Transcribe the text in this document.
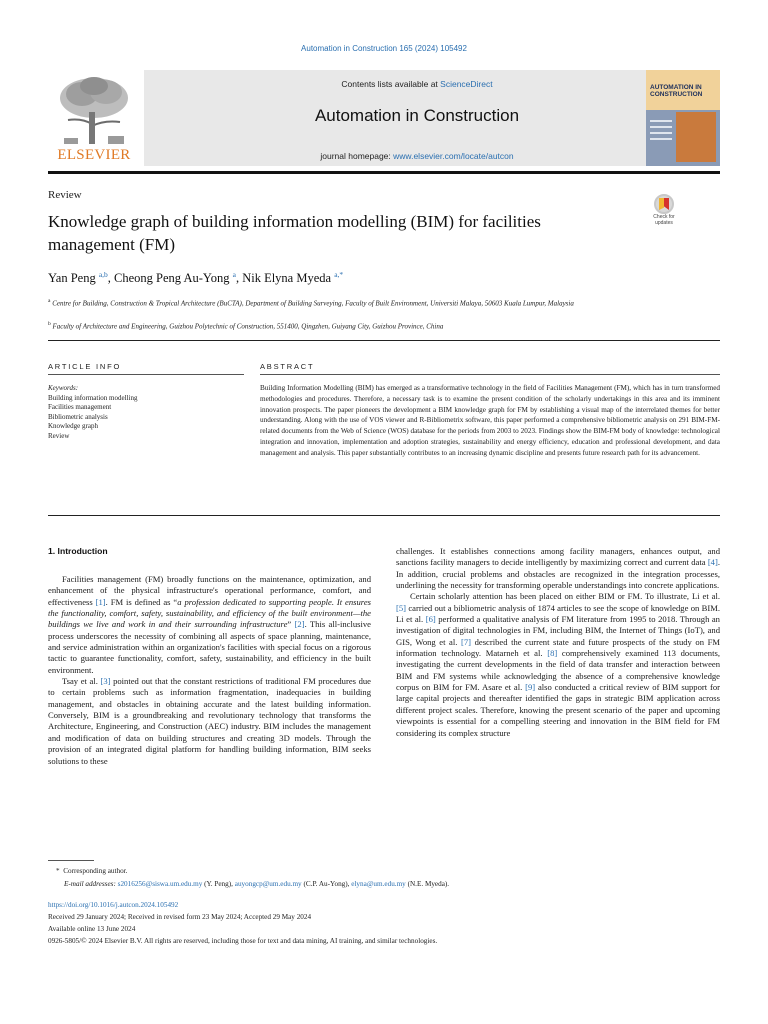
Automation in Construction 165 (2024) 105492
ELSEVIER
Contents lists available at ScienceDirect
Automation in Construction
journal homepage: www.elsevier.com/locate/autcon
AUTOMATION IN CONSTRUCTION
Review
Knowledge graph of building information modelling (BIM) for facilities management (FM)
Check for updates
Yan Peng $^{a,b}$, Cheong Peng Au-Yong $^a$, Nik Elyna Myeda $^{a,*}$
$^a$ Centre for Building, Construction & Tropical Architecture (BuCTA), Department of Building Surveying, Faculty of Built Environment, Universiti Malaya, 50603 Kuala Lumpur, Malaysia
$^b$ Faculty of Architecture and Engineering, Guizhou Polytechnic of Construction, 551400, Qingzhen, Guiyang City, Guizhou Province, China
ARTICLE INFO	ABSTRACT
Keywords:
Building information modelling
Facilities management
Bibliometric analysis
Knowledge graph
Review
Building Information Modelling (BIM) has emerged as a transformative technology in the field of Facilities Management (FM), which has in turn transformed methodologies and procedures. Therefore, a necessary task is to examine the present condition of the scholarly undertakings in this area and its imminent innovation prospects. The paper pioneers the development a BIM knowledge graph for FM by establishing a visual map of the interrelated themes for better understanding. Along with the use of VOS viewer and R-Bibliometrix software, this paper performed a comprehensive bibliometric analysis on 291 BIM-FM-related documents from the Web of Science (WOS) database for the periods from 2003 to 2023. Findings show the BIM-FM body of knowledge: technological integration and innovation, implementation and adoption strategies, sustainability and energy efficiency, education and professional development, and data management and analysis. This paper substantially contributes to an increasing dynamic discipline and presents future research path for its advancement.
1. Introduction

Facilities management (FM) broadly functions on the maintenance, optimization, and enhancement of the physical infrastructure's operational performance, comfort, and effectiveness [1]. FM is defined as “a profession dedicated to supporting people. It ensures the functionality, comfort, safety, sustainability, and efficiency of the built environment—the buildings we live and work in and their surrounding infrastructure” [2]. This all-inclusive process underscores the necessity of combining all aspects of space planning, maintenance, and service administration within an organization's facilities with special focus on a rigorous tactic to guarantee functionality, comfort, safety, sustainability, and efficiency in the built environment.

Tsay et al. [3] pointed out that the constant restrictions of traditional FM procedures due to certain problems such as information fragmentation, inadequacies in building management, and obstacles in obtaining accurate and the latest building information. Conversely, BIM is a groundbreaking and revolutionary technology that transforms the Architecture, Engineering, and Construction (AEC) industry. BIM includes the management and modification of data on building structures and creating 3D models. Through the provision of an integrated digital platform for handling building information, BIM seeks solutions to these

challenges. It establishes connections among facility managers, enhances output, and sanctions facility managers to decide intelligently by maximizing correct and current data [4]. In addition, crucial problems and obstacles are recognized in the integration processes, underlining the necessity for transforming operable understandings into concrete applications.

Certain scholarly attention has been placed on either BIM or FM. To illustrate, Li et al. [5] carried out a bibliometric analysis of 1874 articles to see the scope of knowledge on BIM. Li et al. [6] performed a qualitative analysis of FM literature from 1995 to 2018. Through an investigation of digital technologies in FM, including BIM, the Internet of Things (IoT), and GIS, Wong et al. [7] described the current state and future prospects of the study on FM information technology. Matarneh et al. [8] comprehensively examined 113 documents, investigating the current developments in the field of data transfer and interaction between BIM and FM systems while acknowledging the absence of a comprehensive knowledge corpus on BIM for FM. Asare et al. [9] also conducted a critical review of BIM support for large capital projects and thereafter identified the gaps in strategic BIM application across different project scales. Therefore, knowing the present scenario of the paper and upcoming viewpoints is essential for a compelling steering and innovation in the BIM field for FM considering its complex structure

* Corresponding author.
E-mail addresses: s2016256@siswa.um.edu.my (Y. Peng), auyongcp@um.edu.my (C.P. Au-Yong), elyna@um.edu.my (N.E. Myeda).
https://doi.org/10.1016/j.autcon.2024.105492
Received 29 January 2024; Received in revised form 23 May 2024; Accepted 29 May 2024
Available online 13 June 2024
0926-5805/© 2024 Elsevier B.V. All rights are reserved, including those for text and data mining, AI training, and similar technologies.
